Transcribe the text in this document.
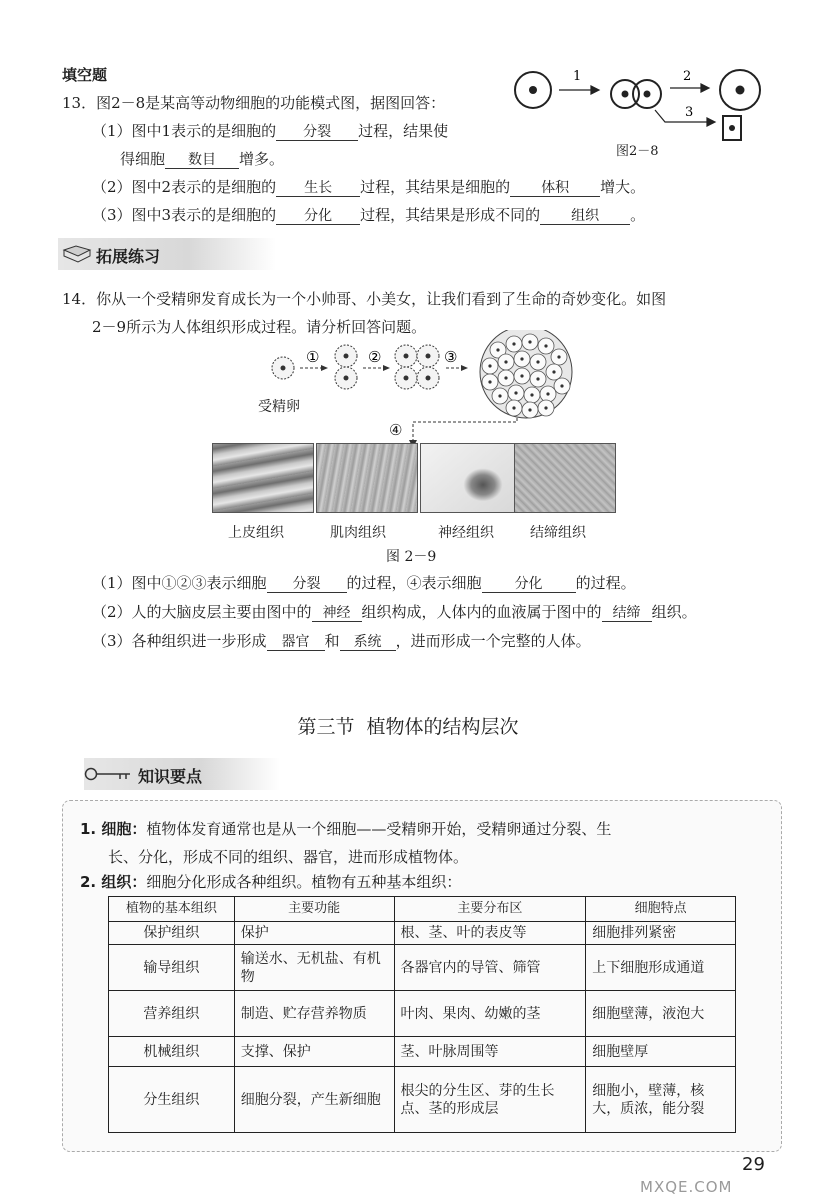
填空题
13．图2－8是某高等动物细胞的功能模式图，据图回答：
（1）图中1表示的是细胞的 分裂 过程，结果使
得细胞 数目 增多。
（2）图中2表示的是细胞的 生长 过程，其结果是细胞的 体积 增大。
（3）图中3表示的是细胞的 分化 过程，其结果是形成不同的 组织 。
1	2
3
图2－8
拓展练习
14．你从一个受精卵发育成长为一个小帅哥、小美女，让我们看到了生命的奇妙变化。如图
2－9所示为人体组织形成过程。请分析回答问题。
①	②	③
受精卵
④
上皮组织	肌肉组织	神经组织	结缔组织
图 2－9
（1）图中①②③表示细胞 分裂 的过程，④表示细胞 分化 的过程。
（2）人的大脑皮层主要由图中的 神经 组织构成，人体内的血液属于图中的 结缔 组织。
（3）各种组织进一步形成 器官 和 系统 ，进而形成一个完整的人体。
第三节  植物体的结构层次
知识要点
1. 细胞：植物体发育通常也是从一个细胞——受精卵开始，受精卵通过分裂、生
长、分化，形成不同的组织、器官，进而形成植物体。
2. 组织：细胞分化形成各种组织。植物有五种基本组织：
植物的基本组织	主要功能	主要分布区	细胞特点
保护组织	保护	根、茎、叶的表皮等	细胞排列紧密
输导组织	输送水、无机盐、有机物	各器官内的导管、筛管	上下细胞形成通道
营养组织	制造、贮存营养物质	叶肉、果肉、幼嫩的茎	细胞壁薄，液泡大
机械组织	支撑、保护	茎、叶脉周围等	细胞壁厚
分生组织	细胞分裂，产生新细胞	根尖的分生区、芽的生长点、茎的形成层	细胞小，壁薄，核大，质浓，能分裂
29
MXQE.COM
